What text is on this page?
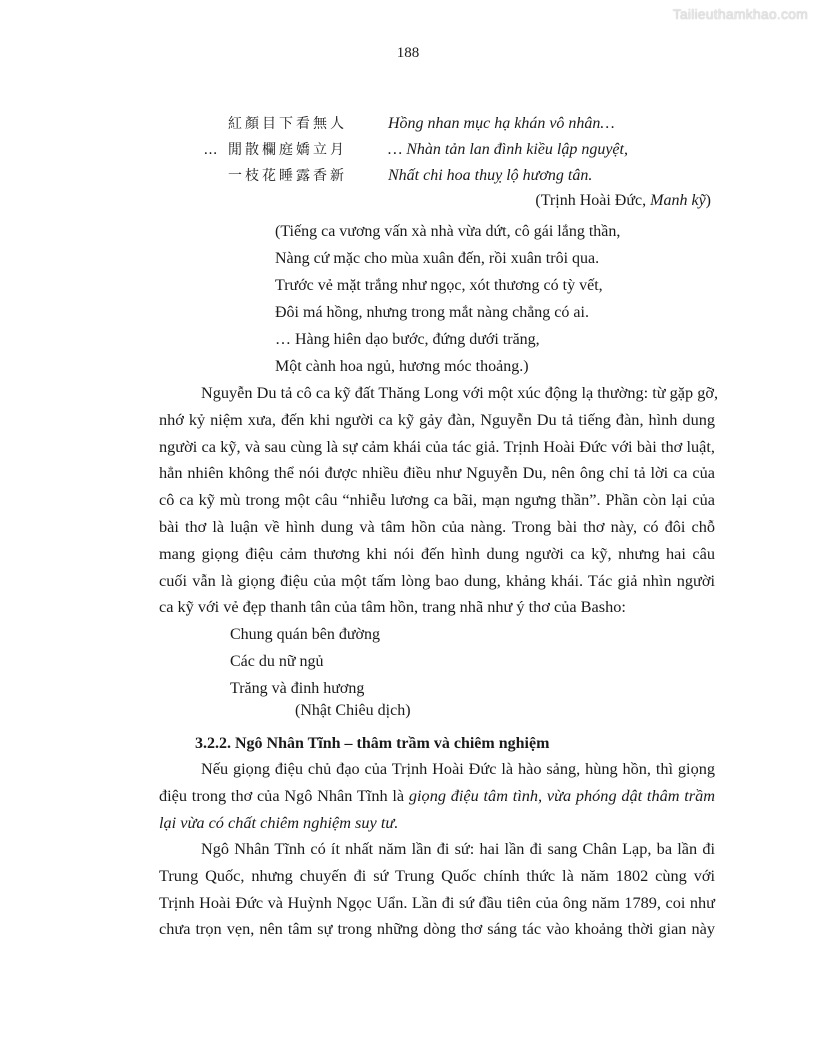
Tailieuthamkhao.com
188
紅顏目下看無人	Hồng nhan mục hạ khán vô nhân…
… 閒散欄庭嬌立月	… Nhàn tản lan đình kiều lập nguyệt,
一枝花睡露香新	Nhất chi hoa thuỵ lộ hương tân.
(Trịnh Hoài Đức, Manh kỹ)
(Tiếng ca vương vấn xà nhà vừa dứt, cô gái lắng thần,
Nàng cứ mặc cho mùa xuân đến, rồi xuân trôi qua.
Trước vẻ mặt trắng như ngọc, xót thương có tỳ vết,
Đôi má hồng, nhưng trong mắt nàng chẳng có ai.
… Hàng hiên dạo bước, đứng dưới trăng,
Một cành hoa ngủ, hương móc thoảng.)
Nguyễn Du tả cô ca kỹ đất Thăng Long với một xúc động lạ thường: từ gặp gỡ,
nhớ kỷ niệm xưa, đến khi người ca kỹ gảy đàn, Nguyễn Du tả tiếng đàn, hình dung
người ca kỹ, và sau cùng là sự cảm khái của tác giả. Trịnh Hoài Đức với bài thơ luật,
hẳn nhiên không thể nói được nhiều điều như Nguyễn Du, nên ông chỉ tả lời ca của
cô ca kỹ mù trong một câu “nhiễu lương ca bãi, mạn ngưng thần”. Phần còn lại của
bài thơ là luận về hình dung và tâm hồn của nàng. Trong bài thơ này, có đôi chỗ
mang giọng điệu cảm thương khi nói đến hình dung người ca kỹ, nhưng hai câu
cuối vẫn là giọng điệu của một tấm lòng bao dung, khảng khái. Tác giả nhìn người
ca kỹ với vẻ đẹp thanh tân của tâm hồn, trang nhã như ý thơ của Basho:
Chung quán bên đường
Các du nữ ngủ
Trăng và đinh hương
(Nhật Chiêu dịch)
3.2.2. Ngô Nhân Tĩnh – thâm trầm và chiêm nghiệm
Nếu giọng điệu chủ đạo của Trịnh Hoài Đức là hào sảng, hùng hồn, thì giọng
điệu trong thơ của Ngô Nhân Tĩnh là giọng điệu tâm tình, vừa phóng dật thâm trầm
lại vừa có chất chiêm nghiệm suy tư.
Ngô Nhân Tĩnh có ít nhất năm lần đi sứ: hai lần đi sang Chân Lạp, ba lần đi
Trung Quốc, nhưng chuyến đi sứ Trung Quốc chính thức là năm 1802 cùng với
Trịnh Hoài Đức và Huỳnh Ngọc Uẩn. Lần đi sứ đầu tiên của ông năm 1789, coi như
chưa trọn vẹn, nên tâm sự trong những dòng thơ sáng tác vào khoảng thời gian này
